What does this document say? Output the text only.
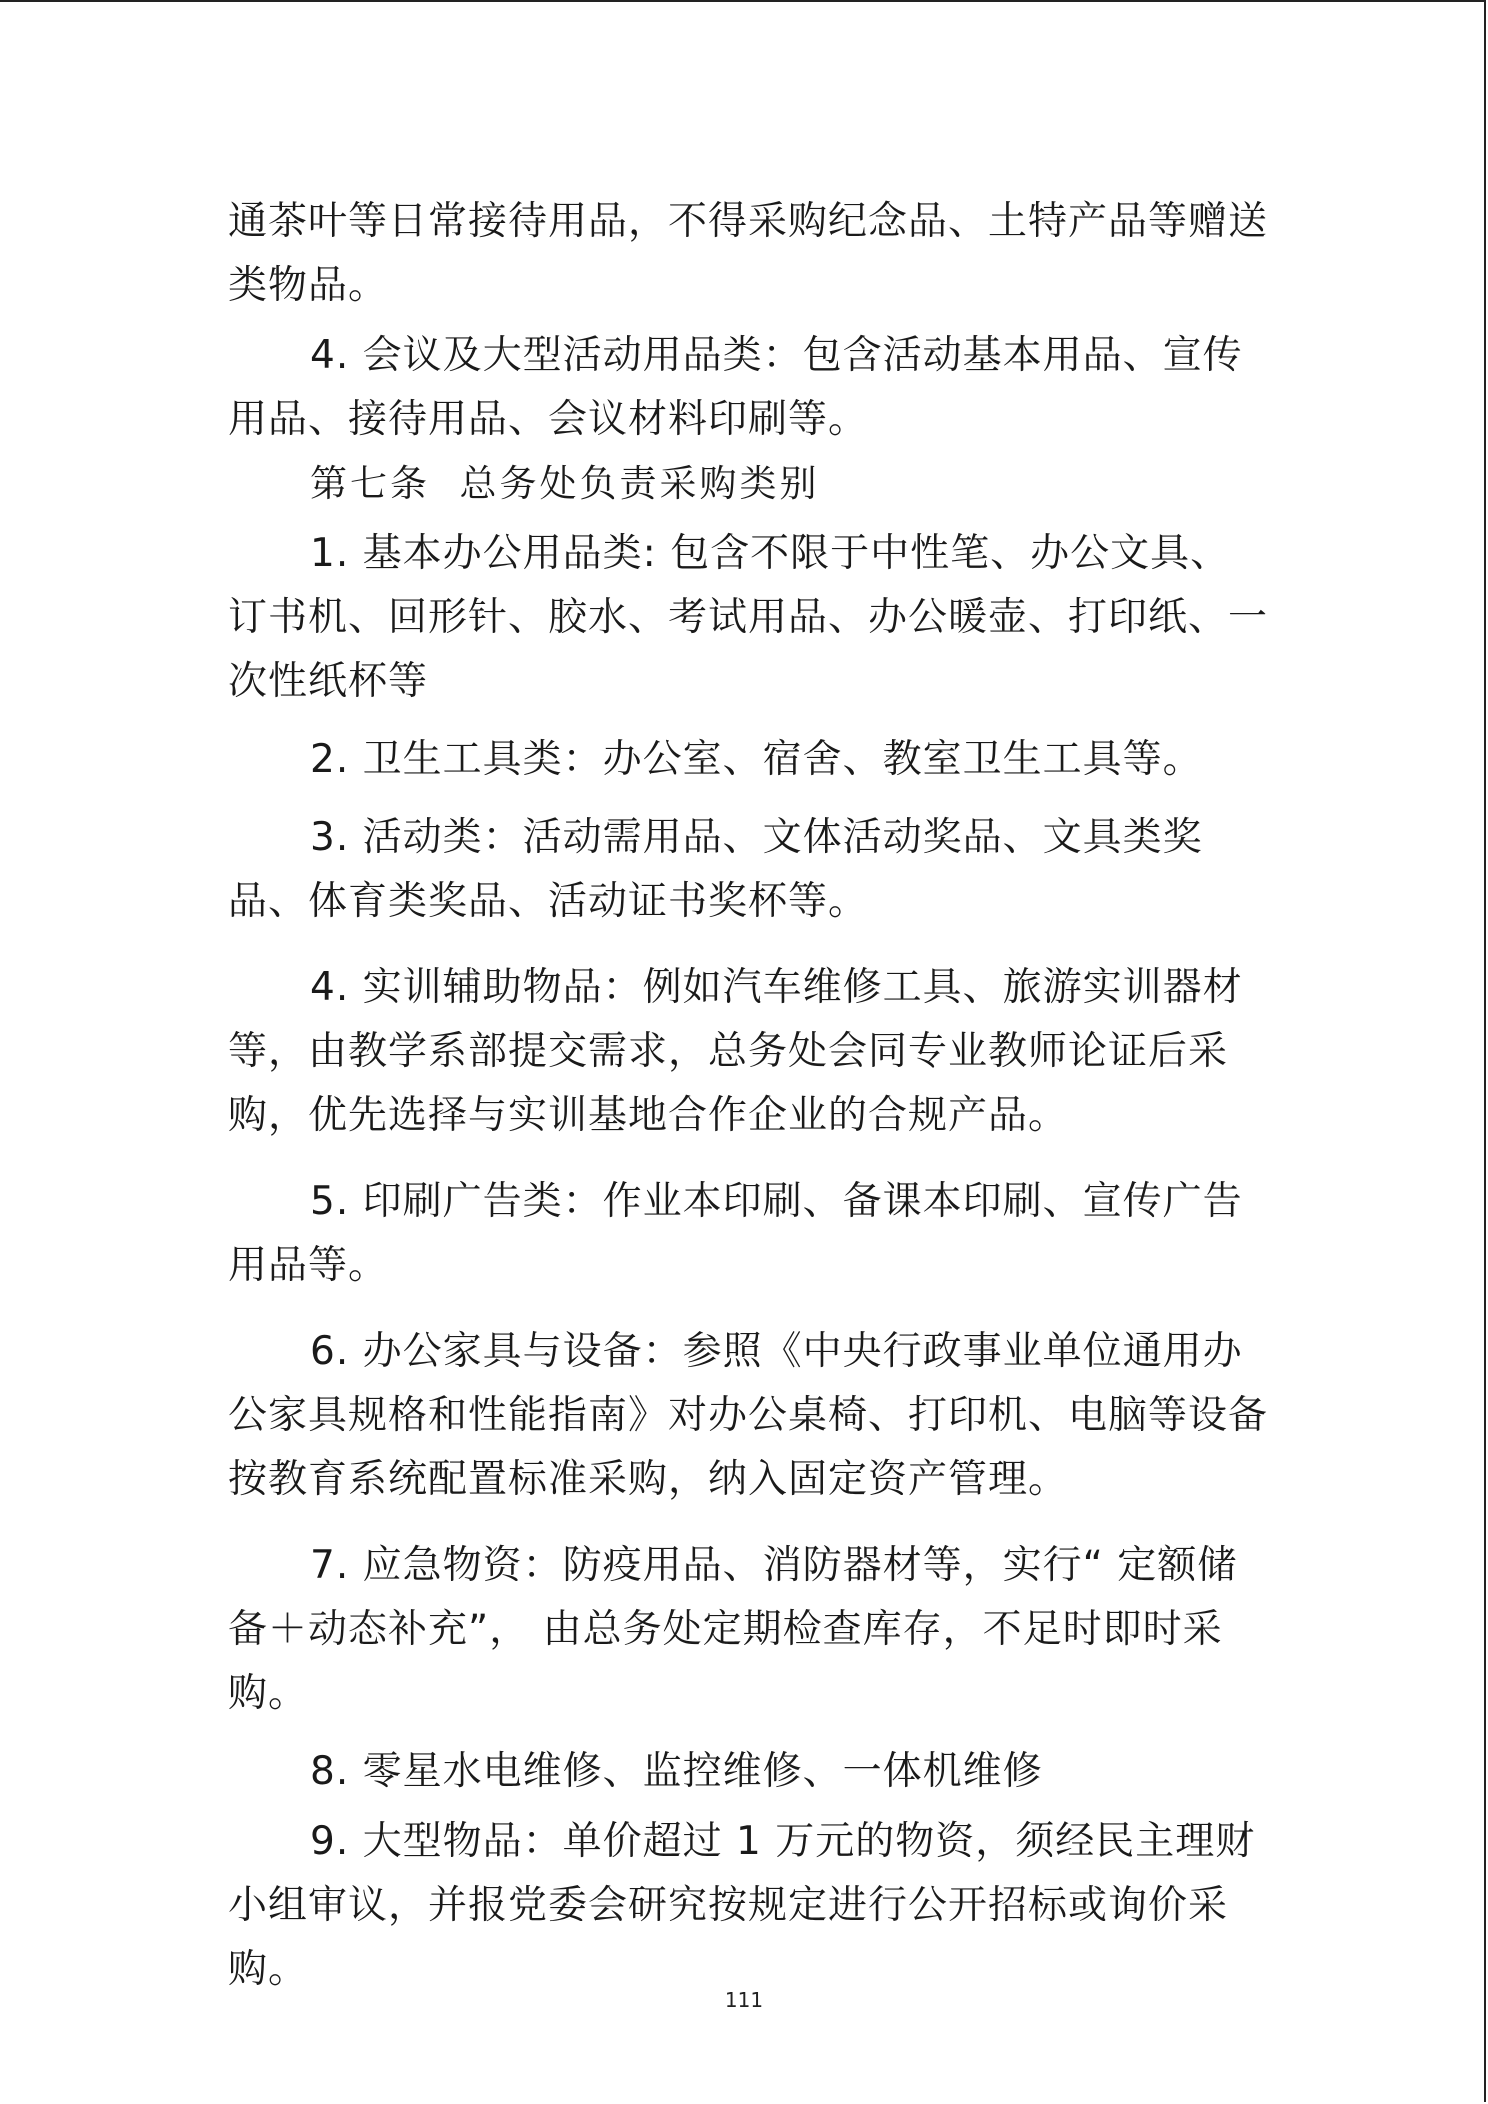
通茶叶等日常接待用品，不得采购纪念品、土特产品等赠送类物品。

4. 会议及大型活动用品类：包含活动基本用品、宣传用品、接待用品、会议材料印刷等。

第七条  总务处负责采购类别

1. 基本办公用品类: 包含不限于中性笔、办公文具、订书机、回形针、胶水、考试用品、办公暖壶、打印纸、一次性纸杯等

2. 卫生工具类：办公室、宿舍、教室卫生工具等。

3. 活动类：活动需用品、文体活动奖品、文具类奖品、体育类奖品、活动证书奖杯等。

4. 实训辅助物品：例如汽车维修工具、旅游实训器材等，由教学系部提交需求，总务处会同专业教师论证后采购，优先选择与实训基地合作企业的合规产品。

5. 印刷广告类：作业本印刷、备课本印刷、宣传广告用品等。

6. 办公家具与设备：参照《中央行政事业单位通用办公家具规格和性能指南》对办公桌椅、打印机、电脑等设备按教育系统配置标准采购，纳入固定资产管理。

7. 应急物资：防疫用品、消防器材等，实行“ 定额储备＋动态补充”， 由总务处定期检查库存，不足时即时采购。

8. 零星水电维修、监控维修、一体机维修

9. 大型物品：单价超过 1 万元的物资，须经民主理财小组审议，并报党委会研究按规定进行公开招标或询价采购。

111
